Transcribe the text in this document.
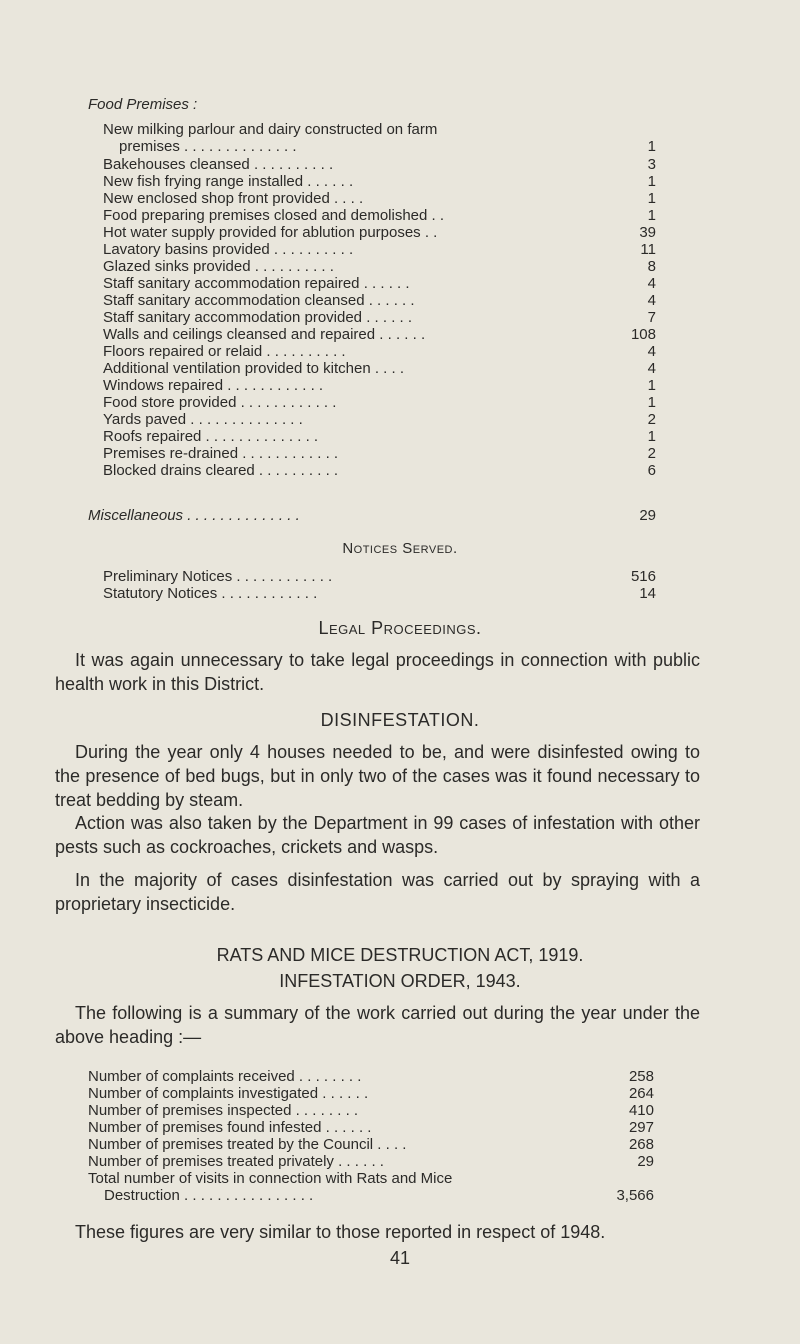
Food Premises :
New milking parlour and dairy constructed on farm
premises . . . . . . . . . . . . . .	1
Bakehouses cleansed . . . . . . . . . .	3
New fish frying range installed . . . . . .	1
New enclosed shop front provided . . . .	1
Food preparing premises closed and demolished . .	1
Hot water supply provided for ablution purposes . .	39
Lavatory basins provided . . . . . . . . . .	11
Glazed sinks provided . . . . . . . . . .	8
Staff sanitary accommodation repaired . . . . . .	4
Staff sanitary accommodation cleansed . . . . . .	4
Staff sanitary accommodation provided . . . . . .	7
Walls and ceilings cleansed and repaired . . . . . .	108
Floors repaired or relaid . . . . . . . . . .	4
Additional ventilation provided to kitchen . . . .	4
Windows repaired . . . . . . . . . . . .	1
Food store provided . . . . . . . . . . . .	1
Yards paved . . . . . . . . . . . . . .	2
Roofs repaired . . . . . . . . . . . . . .	1
Premises re-drained . . . . . . . . . . . .	2
Blocked drains cleared . . . . . . . . . .	6
Miscellaneous . . . . . . . . . . . . . .	29
Notices Served.
Preliminary Notices . . . . . . . . . . . .	516
Statutory Notices . . . . . . . . . . . .	14
Legal Proceedings.
It was again unnecessary to take legal proceedings in connection with public health work in this District.
DISINFESTATION.
During the year only 4 houses needed to be, and were disinfested owing to the presence of bed bugs, but in only two of the cases was it found necessary to treat bedding by steam.
Action was also taken by the Department in 99 cases of infestation with other pests such as cockroaches, crickets and wasps.
In the majority of cases disinfestation was carried out by spraying with a proprietary insecticide.
RATS AND MICE DESTRUCTION ACT, 1919.
INFESTATION ORDER, 1943.
The following is a summary of the work carried out during the year under the above heading :—
Number of complaints received . . . . . . . .	258
Number of complaints investigated . . . . . .	264
Number of premises inspected . . . . . . . .	410
Number of premises found infested . . . . . .	297
Number of premises treated by the Council . . . .	268
Number of premises treated privately . . . . . .	29
Total number of visits in connection with Rats and Mice
Destruction . . . . . . . . . . . . . . . .	3,566
These figures are very similar to those reported in respect of 1948.
41
